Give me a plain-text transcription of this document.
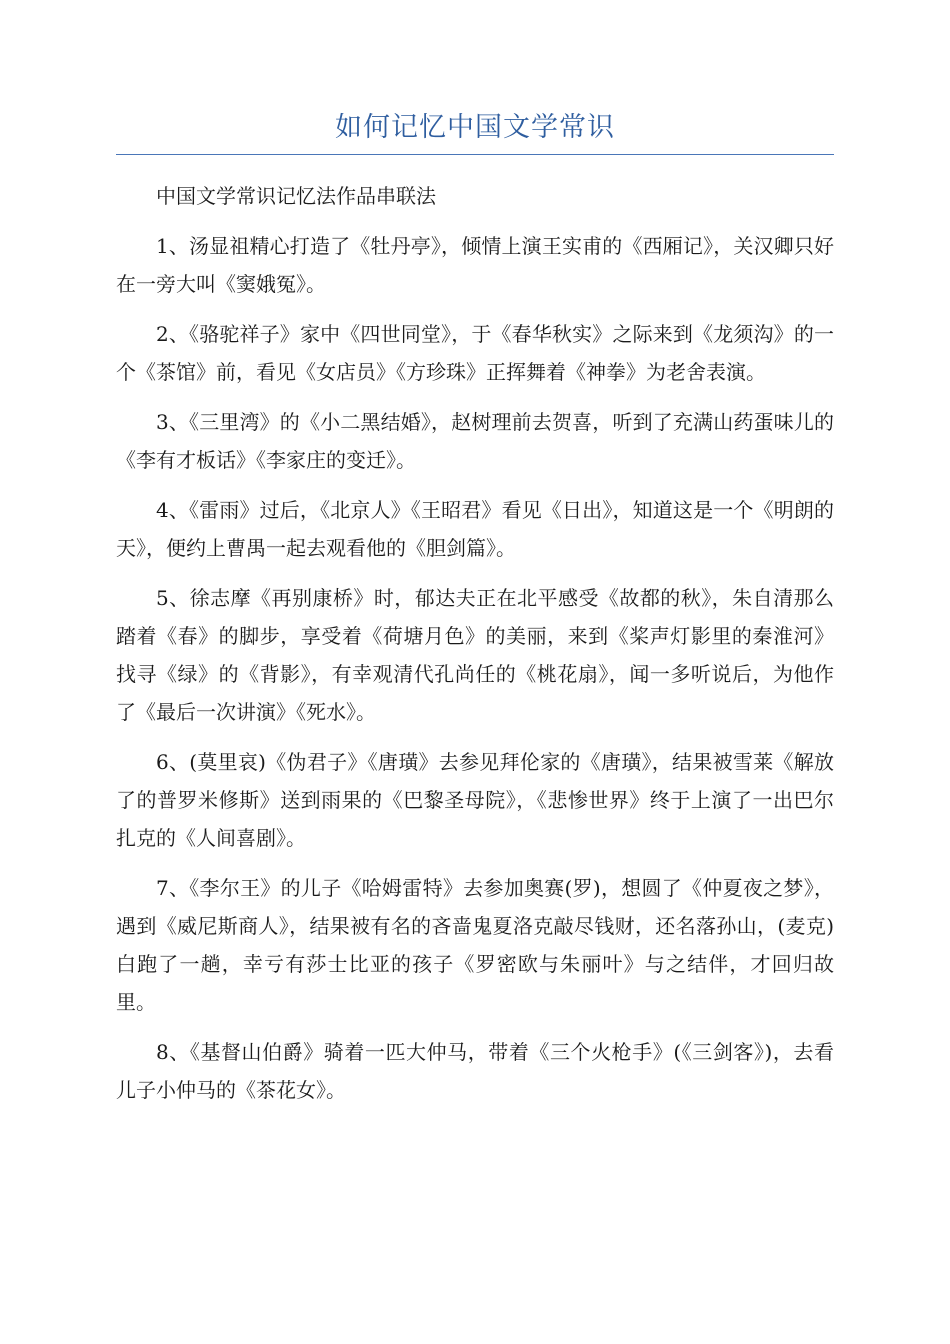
如何记忆中国文学常识

中国文学常识记忆法作品串联法

1、汤显祖精心打造了《牡丹亭》，倾情上演王实甫的《西厢记》，关汉卿只好在一旁大叫《窦娥冤》。

2、《骆驼祥子》家中《四世同堂》，于《春华秋实》之际来到《龙须沟》的一个《茶馆》前，看见《女店员》《方珍珠》正挥舞着《神拳》为老舍表演。

3、《三里湾》的《小二黑结婚》，赵树理前去贺喜，听到了充满山药蛋味儿的《李有才板话》《李家庄的变迁》。

4、《雷雨》过后，《北京人》《王昭君》看见《日出》，知道这是一个《明朗的天》，便约上曹禺一起去观看他的《胆剑篇》。

5、徐志摩《再别康桥》时，郁达夫正在北平感受《故都的秋》，朱自清那么踏着《春》的脚步，享受着《荷塘月色》的美丽，来到《桨声灯影里的秦淮河》找寻《绿》的《背影》，有幸观清代孔尚任的《桃花扇》，闻一多听说后，为他作了《最后一次讲演》《死水》。

6、(莫里哀)《伪君子》《唐璜》去参见拜伦家的《唐璜》，结果被雪莱《解放了的普罗米修斯》送到雨果的《巴黎圣母院》，《悲惨世界》终于上演了一出巴尔扎克的《人间喜剧》。

7、《李尔王》的儿子《哈姆雷特》去参加奥赛(罗)，想圆了《仲夏夜之梦》，遇到《威尼斯商人》，结果被有名的吝啬鬼夏洛克敲尽钱财，还名落孙山，(麦克)白跑了一趟，幸亏有莎士比亚的孩子《罗密欧与朱丽叶》与之结伴，才回归故里。

8、《基督山伯爵》骑着一匹大仲马，带着《三个火枪手》(《三剑客》)，去看儿子小仲马的《茶花女》。
